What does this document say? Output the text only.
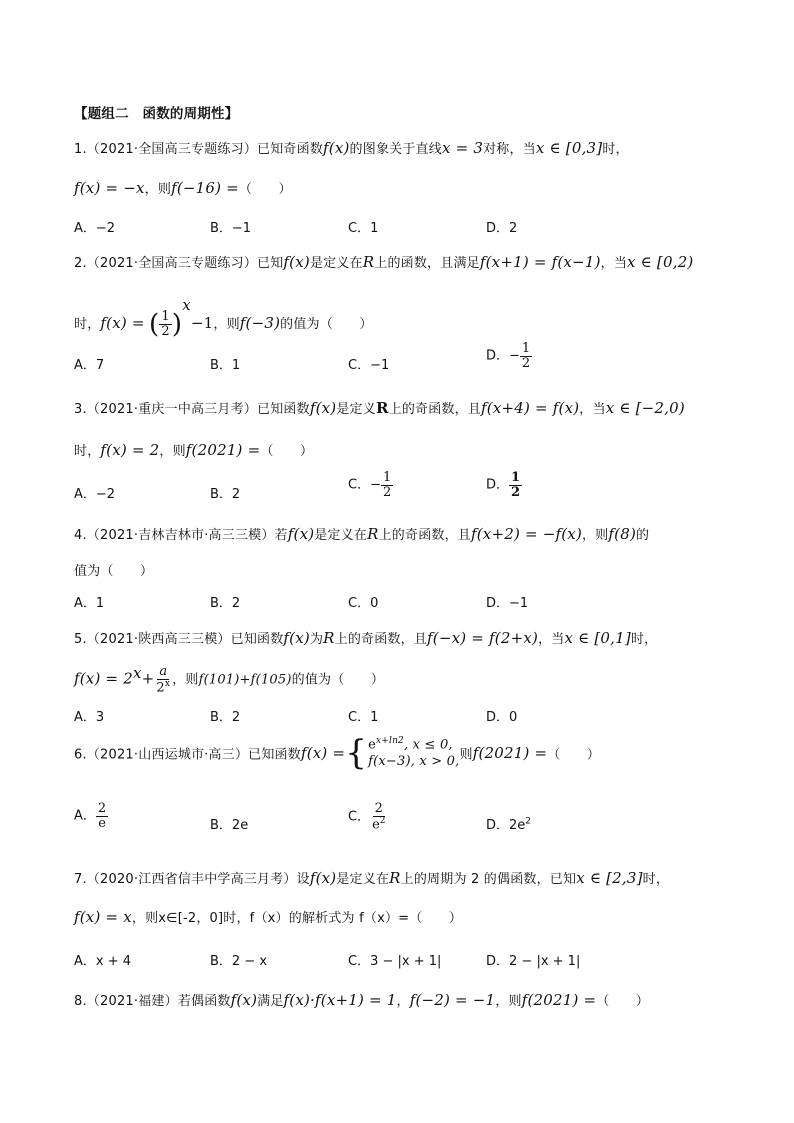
【题组二　函数的周期性】
1.（2021·全国高三专题练习）已知奇函数f(x)的图象关于直线x = 3对称，当x ∈ [0,3]时，
f(x) = −x，则f(−16) =（　　）
A．−2	B．−1	C．1	D．2
2.（2021·全国高三专题练习）已知f(x)是定义在R上的函数，且满足f(x+1) = f(x−1)，当x ∈ [0,2)
时，f(x) = ( $\frac{1}{2} )^x-1$，则f(−3)的值为（　　）
A．7	B．1	C．−1
D．− $\frac{1}{2}$
3.（2021·重庆一中高三月考）已知函数f(x)是定义R上的奇函数，且f(x+4) = f(x)，当x ∈ [−2,0)
时，f(x) = 2，则f(2021) =（　　）
A．−2	B．2
C．− $\frac{1}{2}$	D． $\frac{1}{2}$
4.（2021·吉林吉林市·高三三模）若f(x)是定义在R上的奇函数，且f(x+2) = −f(x)，则f(8)的
值为（　　）
A．1	B．2	C．0	D．−1
5.（2021·陕西高三三模）已知函数f(x)为R上的奇函数，且f(−x) = f(2+x)，当x ∈ [0,1]时，
$f(x) = 2^x+ \frac{a}{2^x}$ ，则f(101)+f(105)的值为（　　）
A．3	B．2	C．1	D．0
6.（2021·山西运城市·高三）已知函数f(x) = { $e^{x+ln2}$, x ≤ 0,
f(x−3), x > 0, 则f(2021) =（　　）
A． $\frac{2}{e}$	B．2e
C． $\frac{2}{e^2}$	D．$2e^2$
7.（2020·江西省信丰中学高三月考）设f(x)是定义在R上的周期为 2 的偶函数，已知x ∈ [2,3]时，
f(x) = x，则x∈[-2，0]时，f（x）的解析式为 f（x）=（　　）
A．x + 4	B．2 − x	C．3 − |x + 1|	D．2 − |x + 1|
8.（2021·福建）若偶函数f(x)满足f(x)·f(x+1) = 1，f(−2) = −1，则f(2021) =（　　）
